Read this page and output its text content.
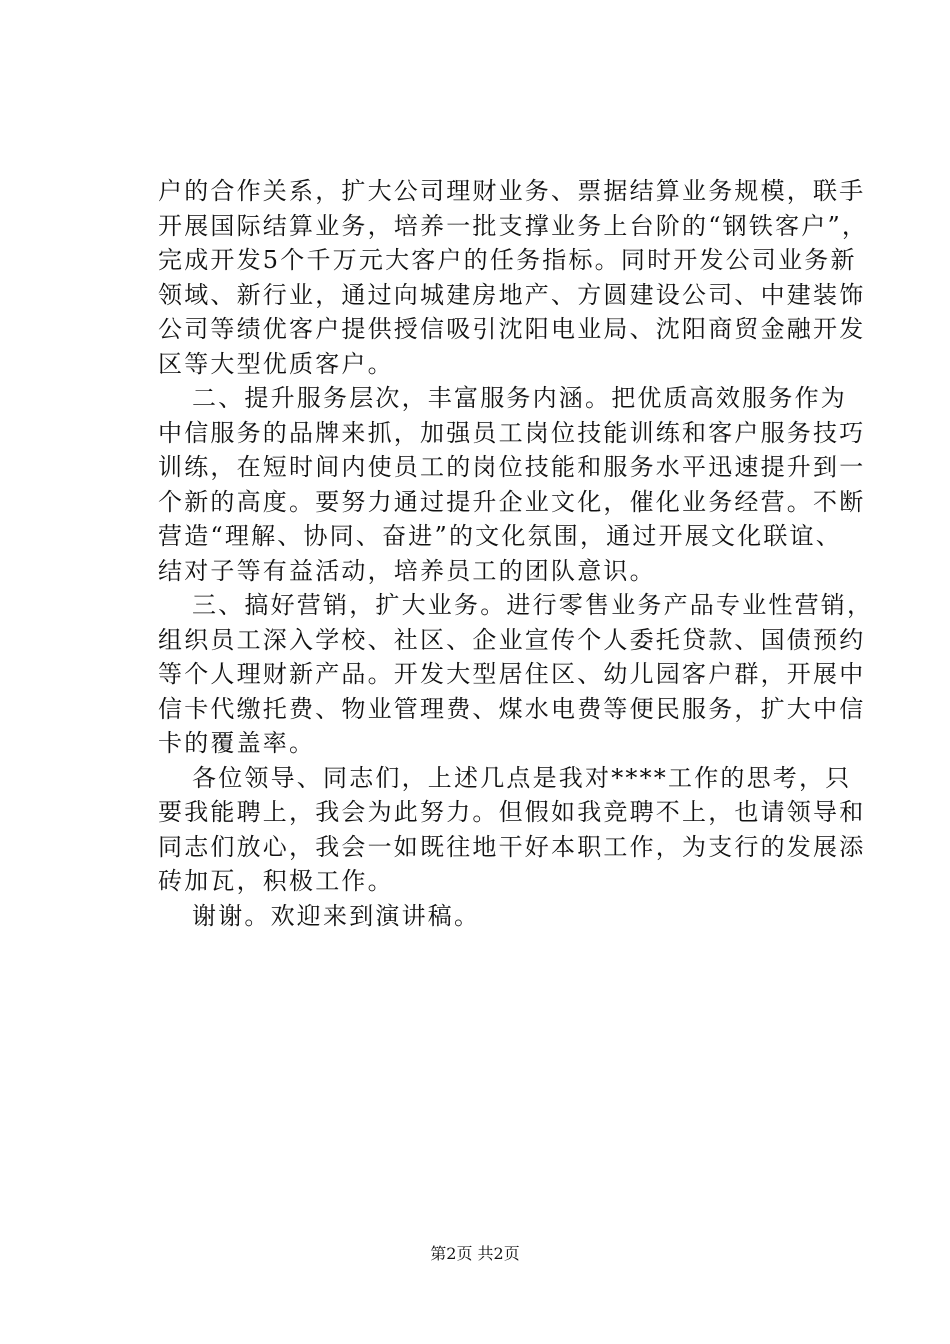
户的合作关系，扩大公司理财业务、票据结算业务规模，联手
开展国际结算业务，培养一批支撑业务上台阶的“钢铁客户”，
完成开发5个千万元大客户的任务指标。同时开发公司业务新
领域、新行业，通过向城建房地产、方圆建设公司、中建装饰
公司等绩优客户提供授信吸引沈阳电业局、沈阳商贸金融开发
区等大型优质客户。
二、提升服务层次，丰富服务内涵。把优质高效服务作为
中信服务的品牌来抓，加强员工岗位技能训练和客户服务技巧
训练，在短时间内使员工的岗位技能和服务水平迅速提升到一
个新的高度。要努力通过提升企业文化，催化业务经营。不断
营造“理解、协同、奋进”的文化氛围，通过开展文化联谊、
结对子等有益活动，培养员工的团队意识。
三、搞好营销，扩大业务。进行零售业务产品专业性营销，
组织员工深入学校、社区、企业宣传个人委托贷款、国债预约
等个人理财新产品。开发大型居住区、幼儿园客户群，开展中
信卡代缴托费、物业管理费、煤水电费等便民服务，扩大中信
卡的覆盖率。
各位领导、同志们，上述几点是我对****工作的思考，只
要我能聘上，我会为此努力。但假如我竞聘不上，也请领导和
同志们放心，我会一如既往地干好本职工作，为支行的发展添
砖加瓦，积极工作。
谢谢。欢迎来到演讲稿。
第2页 共2页
